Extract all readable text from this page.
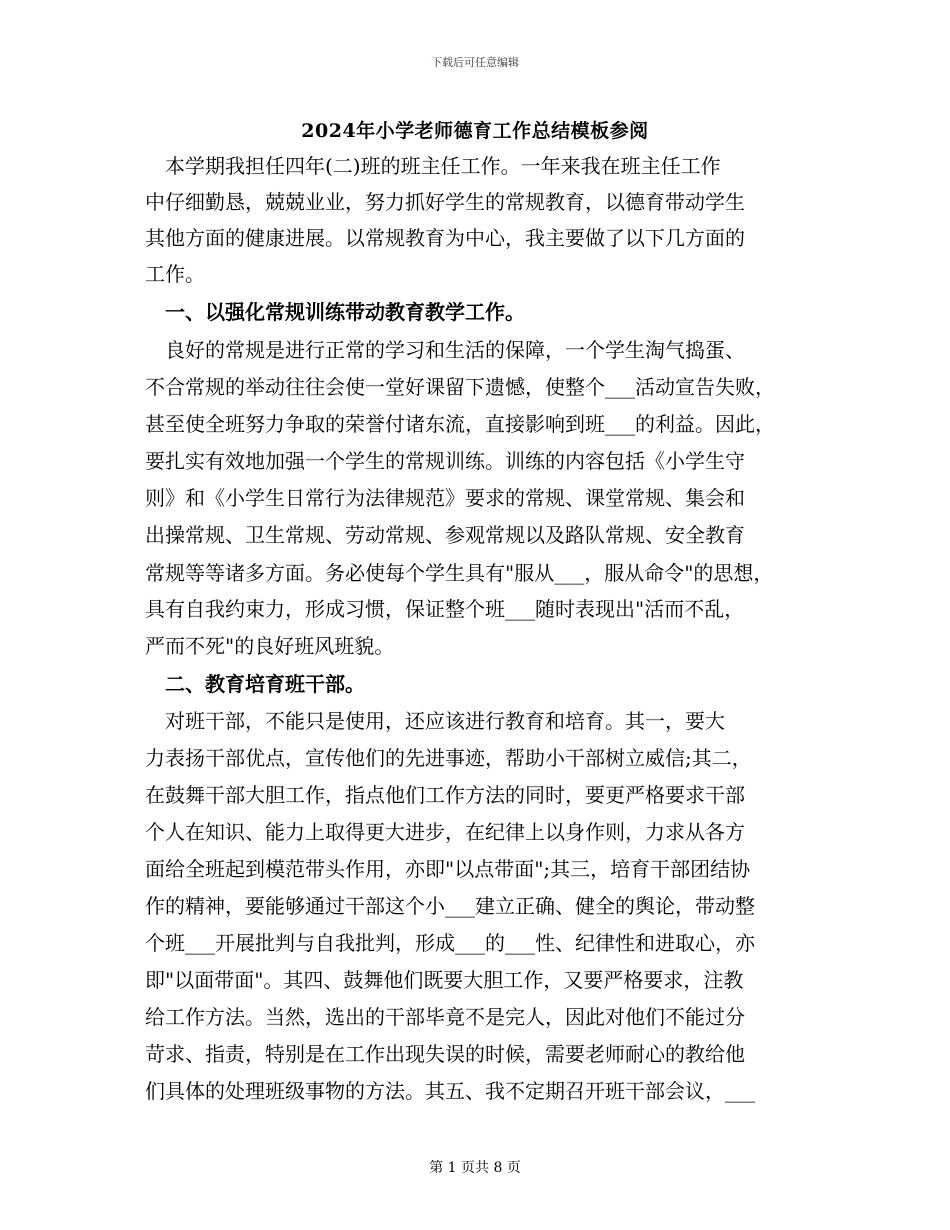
下载后可任意编辑
2024年小学老师德育工作总结模板参阅
　本学期我担任四年(二)班的班主任工作。一年来我在班主任工作
中仔细勤恳，兢兢业业，努力抓好学生的常规教育，以德育带动学生
其他方面的健康进展。以常规教育为中心，我主要做了以下几方面的
工作。
　一、以强化常规训练带动教育教学工作。
　良好的常规是进行正常的学习和生活的保障，一个学生淘气捣蛋、
不合常规的举动往往会使一堂好课留下遗憾，使整个___活动宣告失败，
甚至使全班努力争取的荣誉付诸东流，直接影响到班___的利益。因此，
要扎实有效地加强一个学生的常规训练。训练的内容包括《小学生守
则》和《小学生日常行为法律规范》要求的常规、课堂常规、集会和
出操常规、卫生常规、劳动常规、参观常规以及路队常规、安全教育
常规等等诸多方面。务必使每个学生具有"服从___，服从命令"的思想，
具有自我约束力，形成习惯，保证整个班___随时表现出"活而不乱，
严而不死"的良好班风班貌。
　二、教育培育班干部。
　对班干部，不能只是使用，还应该进行教育和培育。其一，要大
力表扬干部优点，宣传他们的先进事迹，帮助小干部树立威信;其二，
在鼓舞干部大胆工作，指点他们工作方法的同时，要更严格要求干部
个人在知识、能力上取得更大进步，在纪律上以身作则，力求从各方
面给全班起到模范带头作用，亦即"以点带面";其三，培育干部团结协
作的精神，要能够通过干部这个小___建立正确、健全的舆论，带动整
个班___开展批判与自我批判，形成___的___性、纪律性和进取心，亦
即"以面带面"。其四、鼓舞他们既要大胆工作，又要严格要求，注教
给工作方法。当然，选出的干部毕竟不是完人，因此对他们不能过分
苛求、指责，特别是在工作出现失误的时候，需要老师耐心的教给他
们具体的处理班级事物的方法。其五、我不定期召开班干部会议，___
第 1 页共 8 页
